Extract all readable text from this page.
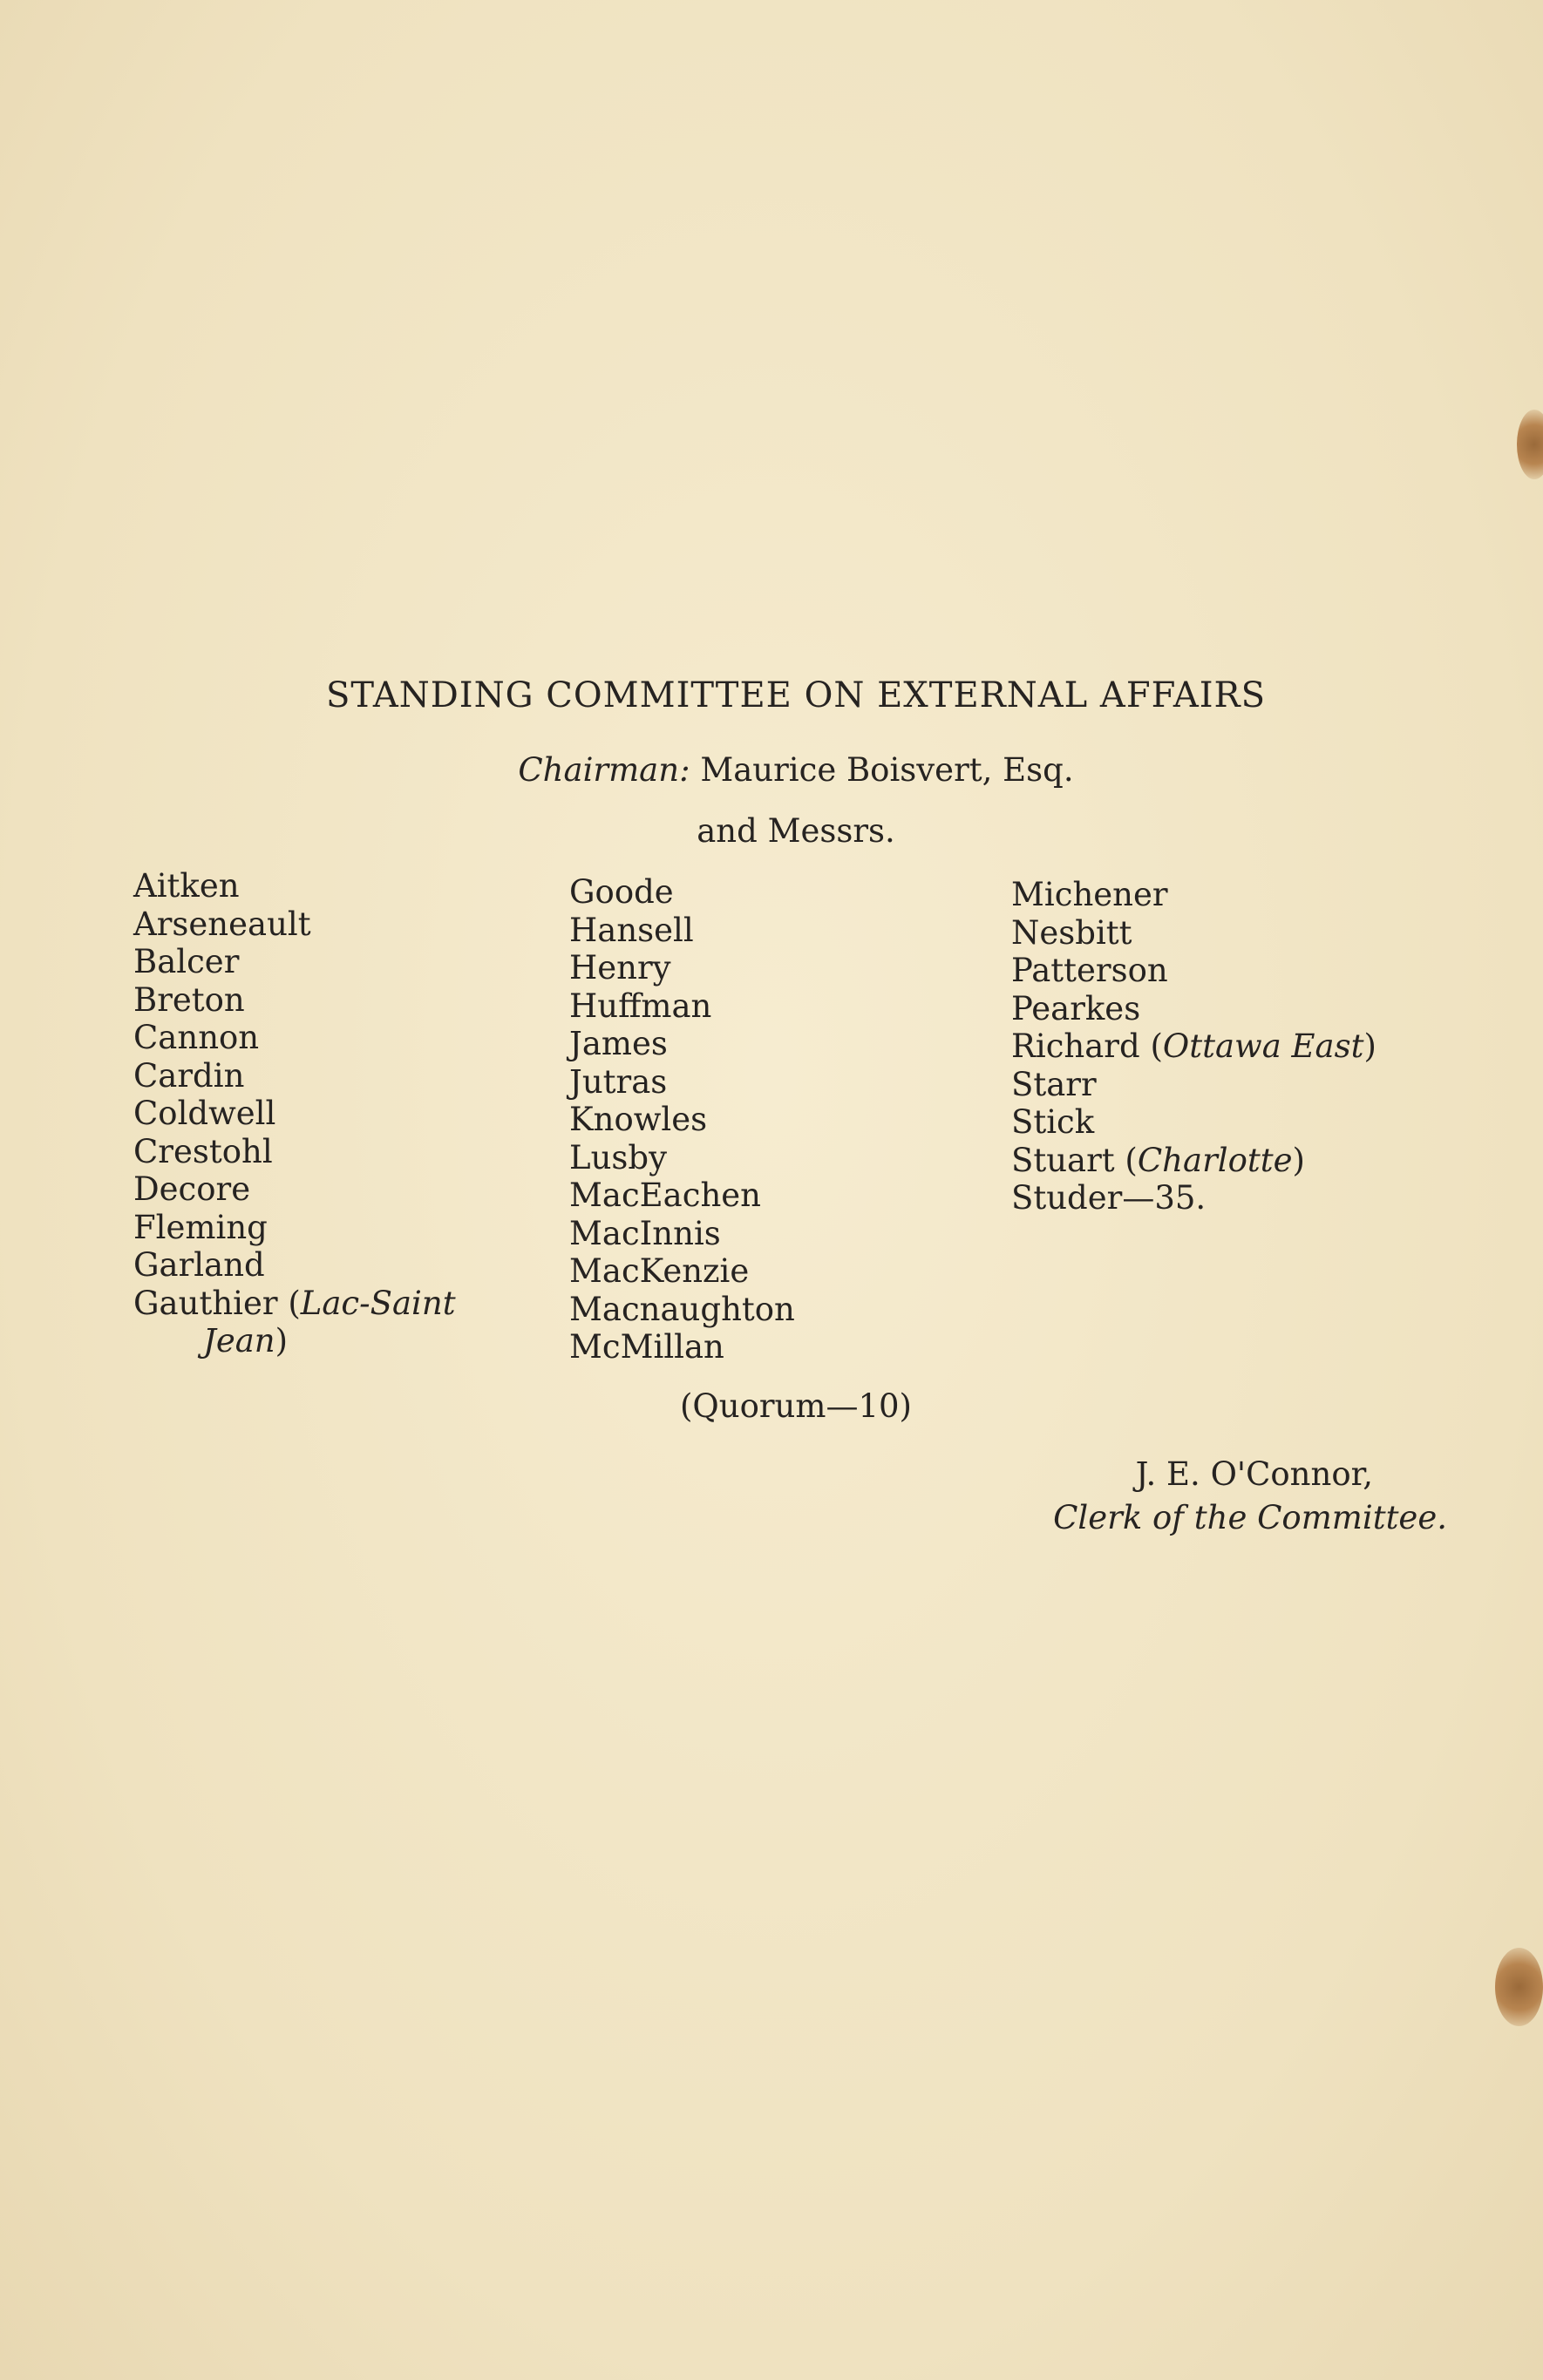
STANDING COMMITTEE ON EXTERNAL AFFAIRS
Chairman: Maurice Boisvert, Esq.
and Messrs.
Aitken
Arseneault
Balcer
Breton
Cannon
Cardin
Coldwell
Crestohl
Decore
Fleming
Garland
Gauthier (Lac-Saint
Jean)
Goode
Hansell
Henry
Huffman
James
Jutras
Knowles
Lusby
MacEachen
MacInnis
MacKenzie
Macnaughton
McMillan
Michener
Nesbitt
Patterson
Pearkes
Richard (Ottawa East)
Starr
Stick
Stuart (Charlotte)
Studer—35.
(Quorum—10)
J. E. O'Connor,
Clerk of the Committee.
